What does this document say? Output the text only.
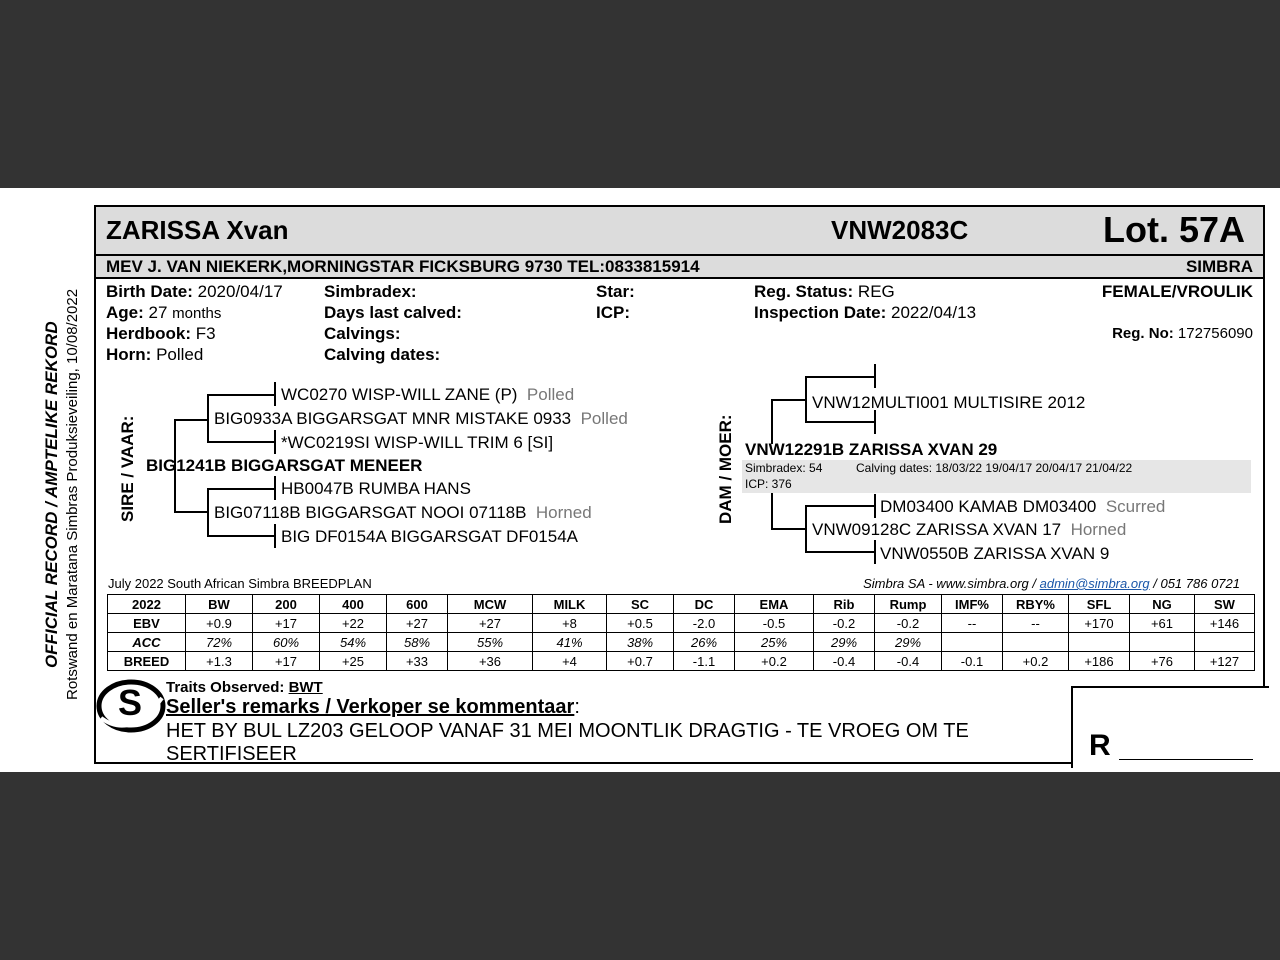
OFFICIAL RECORD / AMPTELIKE REKORD Rotswand en Maratana Simbras Produksieveiling, 10/08/2022
ZARISSA Xvan	VNW2083C	Lot. 57A
MEV J. VAN NIEKERK,MORNINGSTAR FICKSBURG 9730 TEL:0833815914	SIMBRA
Birth Date: 2020/04/17
Age: 27 months
Herdbook: F3
Horn: Polled
Simbradex:
Days last calved:
Calvings:
Calving dates:
Star:
ICP:
Reg. Status: REG
Inspection Date: 2022/04/13
FEMALE/VROULIK
Reg. No: 172756090
SIRE / VAAR:
WC0270 WISP-WILL ZANE (P) Polled
BIG0933A BIGGARSGAT MNR MISTAKE 0933 Polled
*WC0219SI WISP-WILL TRIM 6 [SI]
BIG1241B BIGGARSGAT MENEER
HB0047B RUMBA HANS
BIG07118B BIGGARSGAT NOOI 07118B Horned
BIG DF0154A BIGGARSGAT DF0154A
DAM / MOER:
VNW12MULTI001 MULTISIRE 2012
VNW12291B ZARISSA XVAN 29
Simbradex: 54	Calving dates: 18/03/22 19/04/17 20/04/17 21/04/22
ICP: 376
DM03400 KAMAB DM03400 Scurred
VNW09128C ZARISSA XVAN 17 Horned
VNW0550B ZARISSA XVAN 9
July 2022 South African Simbra BREEDPLAN	Simbra SA - www.simbra.org / admin@simbra.org / 051 786 0721
2022	BW	200	400	600	MCW	MILK	SC	DC	EMA	Rib	Rump	IMF%	RBY%	SFL	NG	SW
EBV	+0.9	+17	+22	+27	+27	+8	+0.5	-2.0	-0.5	-0.2	-0.2	--	--	+170	+61	+146
ACC	72%	60%	54%	58%	55%	41%	38%	26%	25%	29%	29%					
BREED	+1.3	+17	+25	+33	+36	+4	+0.7	-1.1	+0.2	-0.4	-0.4	-0.1	+0.2	+186	+76	+127
S Traits Observed: BWT
Seller's remarks / Verkoper se kommentaar:
HET BY BUL LZ203 GELOOP VANAF 31 MEI MOONTLIK DRAGTIG - TE VROEG OM TE
SERTIFISEER	R
